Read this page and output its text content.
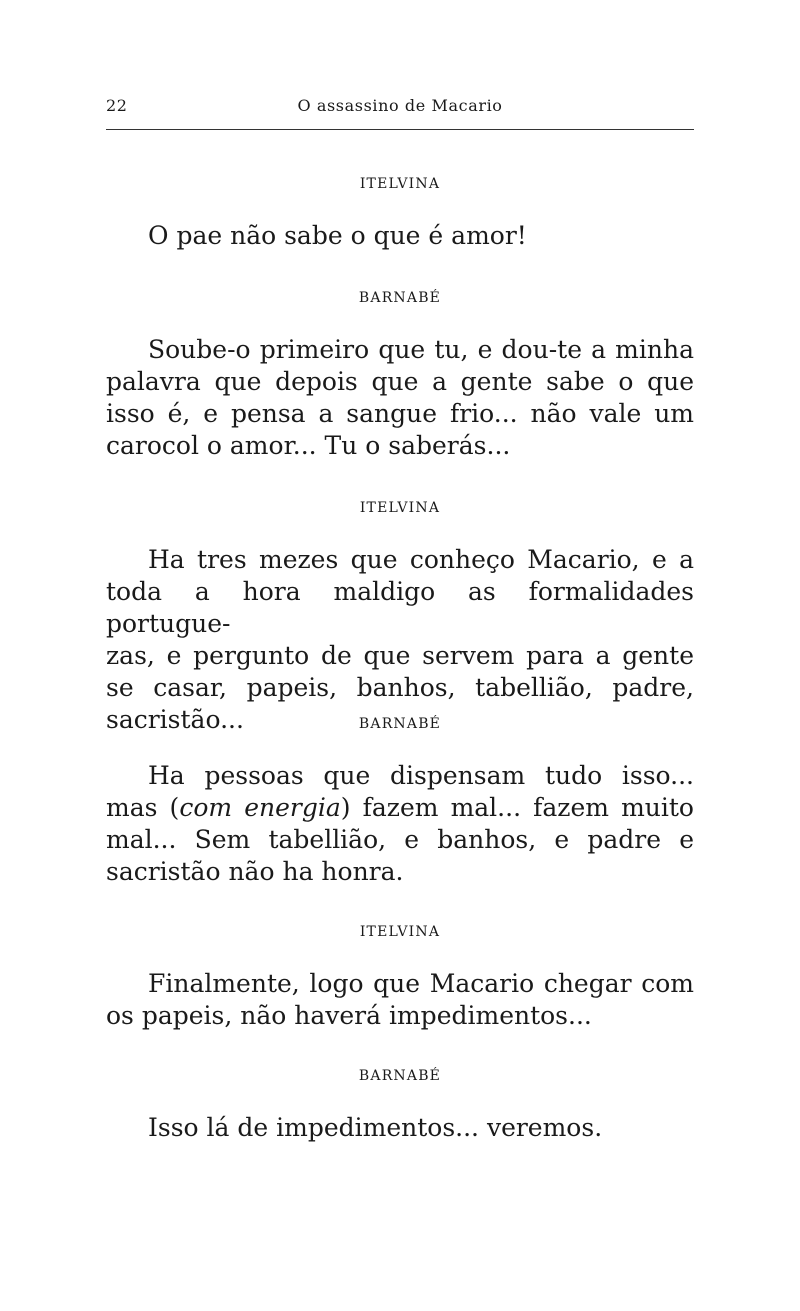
22	O assassino de Macario
ITELVINA
O pae não sabe o que é amor!
BARNABÉ
Soube-o primeiro que tu, e dou-te a minha
palavra que depois que a gente sabe o que
isso é, e pensa a sangue frio... não vale um
carocol o amor... Tu o saberás...
ITELVINA
Ha tres mezes que conheço Macario, e a
toda a hora maldigo as formalidades portugue-
zas, e pergunto de que servem para a gente
se casar, papeis, banhos, tabellião, padre,
sacristão...	BARNABÉ
Ha pessoas que dispensam tudo isso...
mas (com energia) fazem mal... fazem muito
mal... Sem tabellião, e banhos, e padre e
sacristão não ha honra.
ITELVINA
Finalmente, logo que Macario chegar com
os papeis, não haverá impedimentos...
BARNABÉ
Isso lá de impedimentos... veremos.
